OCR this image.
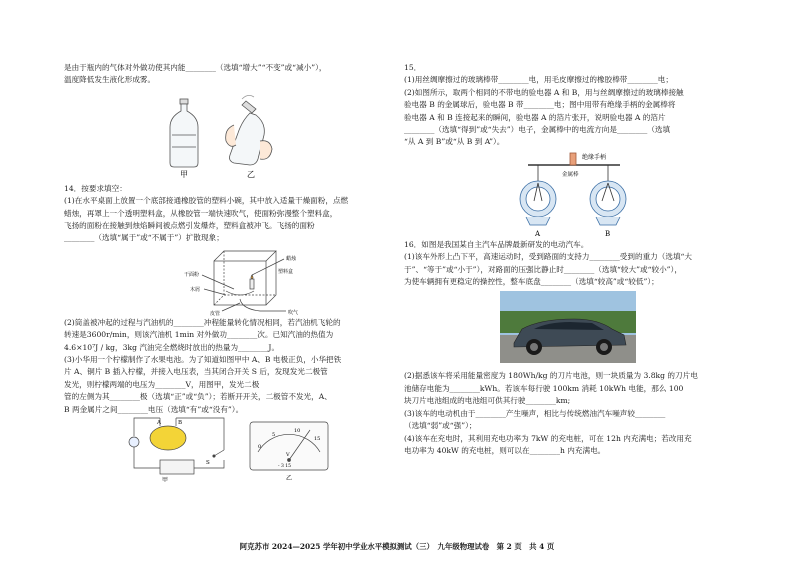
是由于瓶内的气体对外做功使其内能________（选填“增大”“不变”或“减小”），

温度降低发生液化形成雾。

甲	乙

14．按要求填空：

(1)在水平桌面上放置一个底部接通橡胶管的塑料小碗，其中放入适量干燥面粉，点燃

蜡烛，再罩上一个透明塑料盒，从橡胶管一端快速吹气，使面粉弥漫整个塑料盒，

飞扬的面粉在接触到烛焰瞬间被点燃引发爆炸，塑料盒被冲飞。飞扬的面粉

________（选填“属于”或“不属于”）扩散现象；

蜡烛
塑料盒
干面粉
木屑
皮管	吹气

(2)筒盖被冲起的过程与汽油机的________冲程能量转化情况相同，若汽油机飞轮的

转速是3600r/min，则该汽油机 1min 对外做功________次。已知汽油的热值为

4.6×10⁷J / kg，3kg 汽油完全燃烧时放出的热量为________J。

(3)小华用一个柠檬制作了水果电池。为了知道如图甲中 A、B 电极正负，小华把铁

片 A、铜片 B 插入柠檬，并接入电压表，当其闭合开关 S 后，发现发光二极管

发光，则柠檬两端的电压为________V，用图甲，发光二极

管的左侧为其________极（选填“正”或“负”）；若断开开关，二极管不发光，A、

B 两金属片之间________电压（选填“有”或“没有”）。

A	B
S
甲
0
5
10
15
V
- 3 15
乙

15．

(1)用丝绸摩擦过的玻璃棒带________电，用毛皮摩擦过的橡胶棒带________电；

(2)如图所示，取两个相同的不带电的验电器 A 和 B，用与丝绸摩擦过的玻璃棒接触

验电器 B 的金属球后，验电器 B 带________电；图中用带有绝缘手柄的金属棒将

验电器 A 和 B 连接起来的瞬间，验电器 A 的箔片张开，说明验电器 A 的箔片

________（选填“得到”或“失去”）电子，金属棒中的电流方向是________（选填

“从 A 到 B”或“从 B 到 A”）。

绝缘手柄
金属棒
A	B

16．如图是我国某自主汽车品牌最新研发的电动汽车。

(1)该车外形上凸下平，高速运动时，受到路面的支持力________受到的重力（选填“大

于”、“等于”或“小于”），对路面的压强比静止时________（选填“较大”或“较小”），

为使车辆拥有更稳定的操控性，整车底盘________（选填“较高”或“较低”）；

(2)据悉该车将采用能量密度为 180Wh/kg 的刀片电池，则一块质量为 3.8kg 的刀片电

池储存电能为________kWh。若该车每行驶 100km 消耗 10kWh 电能，那么 100

块刀片电池组成的电池组可供其行驶________km;

(3)该车的电动机由于________产生噪声，相比与传统燃油汽车噪声较________

（选填“弱”或“强”）；

(4)该车在充电时，其利用充电功率为 7kW 的充电桩，可在 12h 内充满电；若改用充

电功率为 40kW 的充电桩，则可以在________h 内充满电。

阿克苏市 2024—2025 学年初中学业水平模拟测试（三）　九年级物理试卷　第 2 页　共 4 页
